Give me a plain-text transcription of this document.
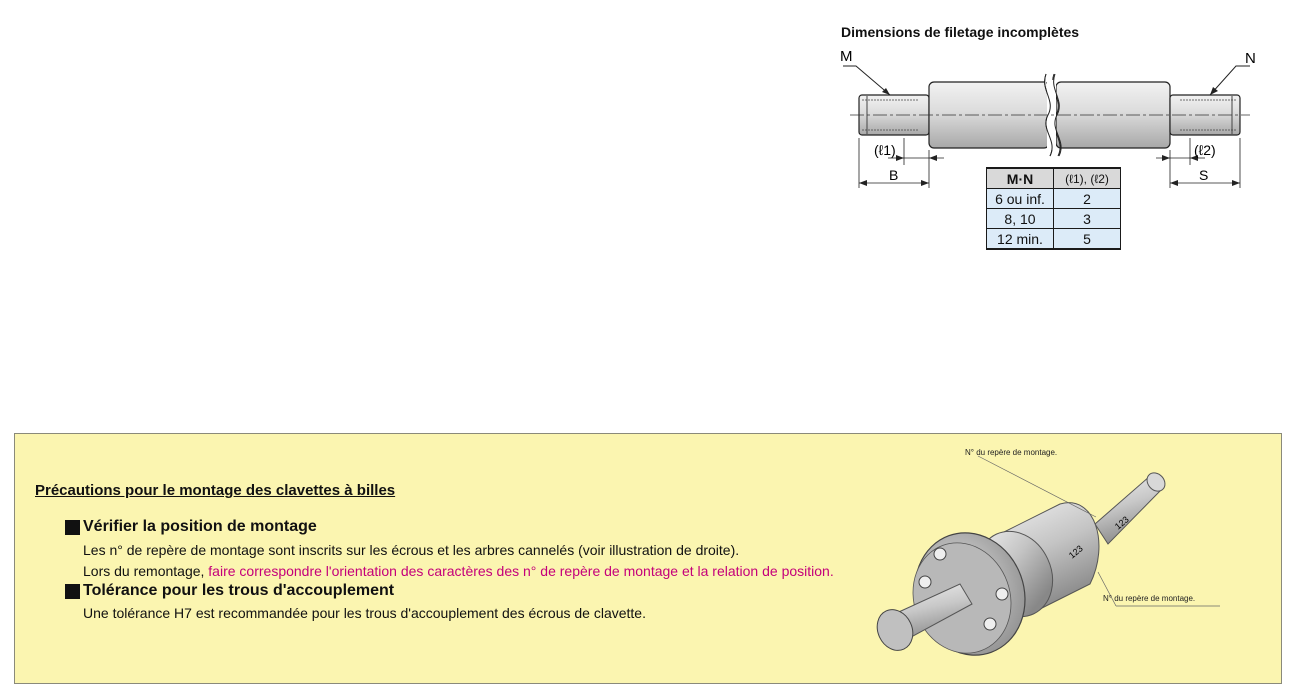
Dimensions de filetage incomplètes
M	N
(ℓ1)	(ℓ2)
B	S
M·N	(ℓ1), (ℓ2)
6 ou inf.	2
8, 10	3
12 min.	5
Précautions pour le montage des clavettes à billes
Vérifier la position de montage
Les n° de repère de montage sont inscrits sur les écrous et les arbres cannelés (voir illustration de droite).
Lors du remontage, faire correspondre l'orientation des caractères des n° de repère de montage et la relation de position.
Tolérance pour les trous d'accouplement
Une tolérance H7 est recommandée pour les trous d'accouplement des écrous de clavette.
123
123
N° du repère de montage.
N° du repère de montage.
